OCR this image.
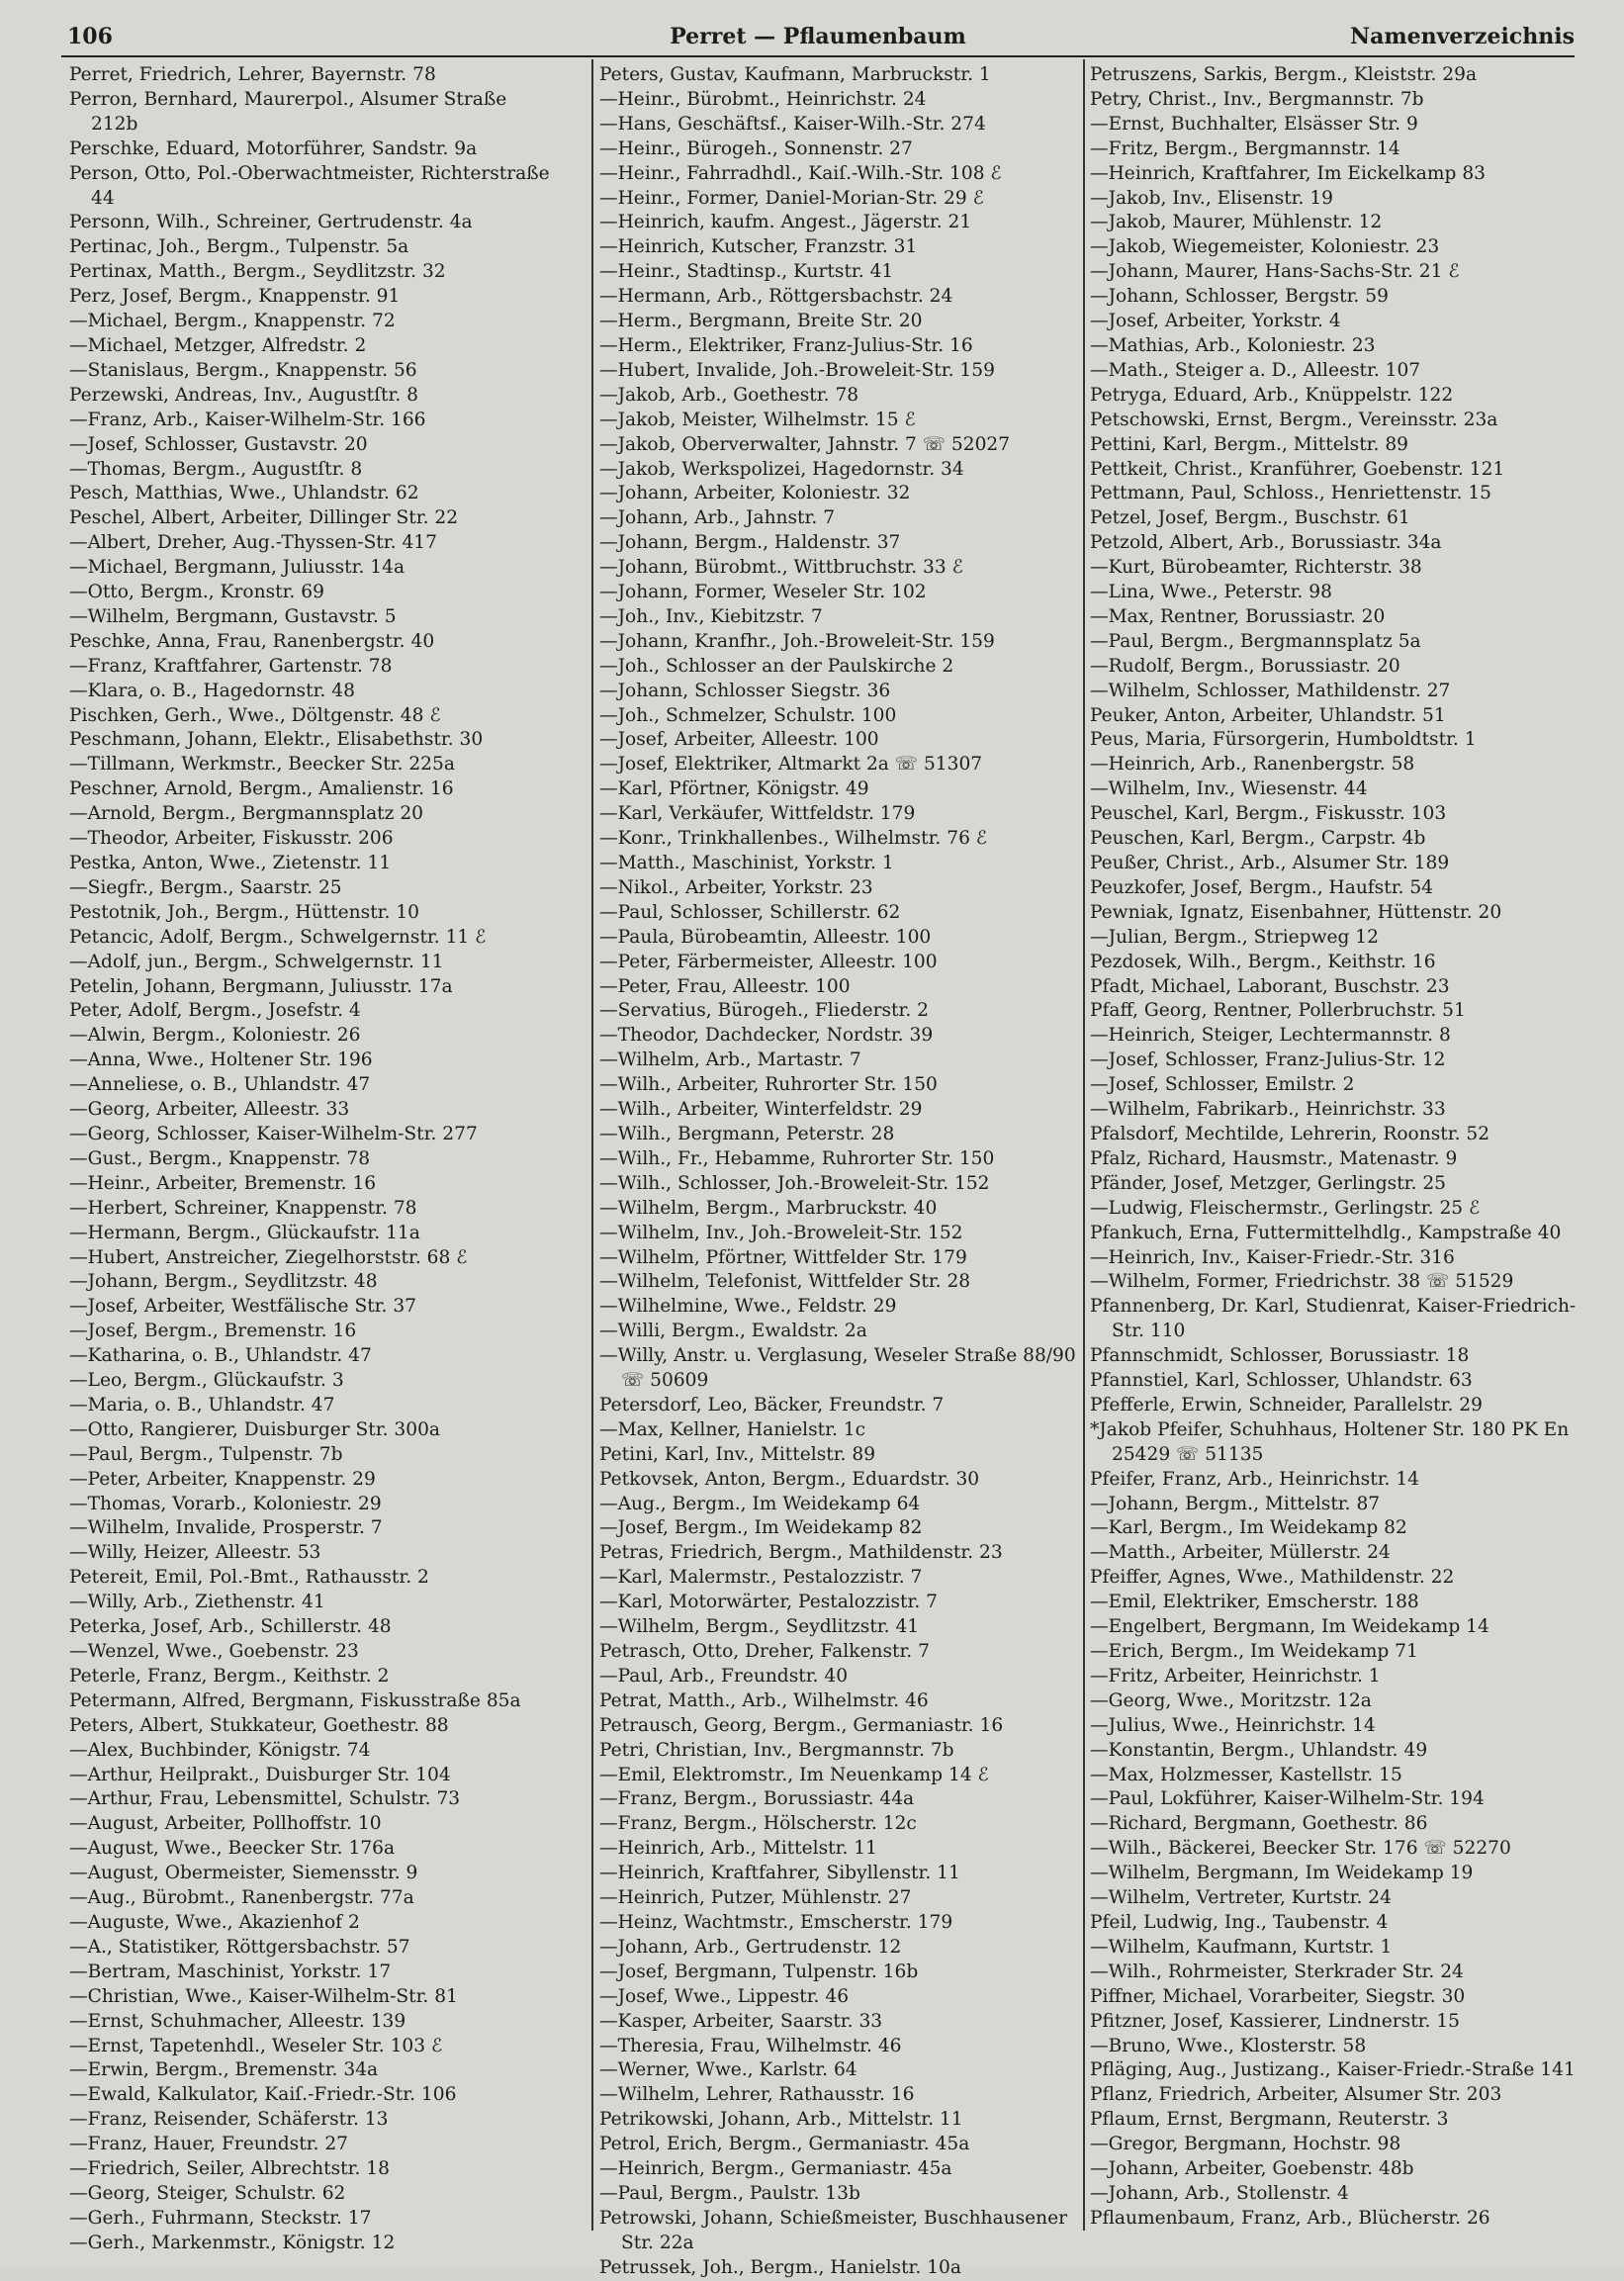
106	Perret — Pflaumenbaum	Namenverzeichnis
Perret, Friedrich, Lehrer, Bayernstr. 78
Perron, Bernhard, Maurerpol., Alsumer Straße 212b
Perschke, Eduard, Motorführer, Sandstr. 9a
Person, Otto, Pol.-Oberwachtmeister, Richterstraße 44
Personn, Wilh., Schreiner, Gertrudenstr. 4a
Pertinac, Joh., Bergm., Tulpenstr. 5a
Pertinax, Matth., Bergm., Seydlitzstr. 32
Perz, Josef, Bergm., Knappenstr. 91
—Michael, Bergm., Knappenstr. 72
—Michael, Metzger, Alfredstr. 2
—Stanislaus, Bergm., Knappenstr. 56
Perzewski, Andreas, Inv., Augustſtr. 8
—Franz, Arb., Kaiser-Wilhelm-Str. 166
—Josef, Schlosser, Gustavstr. 20
—Thomas, Bergm., Augustſtr. 8
Pesch, Matthias, Wwe., Uhlandstr. 62
Peschel, Albert, Arbeiter, Dillinger Str. 22
—Albert, Dreher, Aug.-Thyssen-Str. 417
—Michael, Bergmann, Juliusstr. 14a
—Otto, Bergm., Kronstr. 69
—Wilhelm, Bergmann, Gustavstr. 5
Peschke, Anna, Frau, Ranenbergstr. 40
—Franz, Kraftfahrer, Gartenstr. 78
—Klara, o. B., Hagedornstr. 48
Pischken, Gerh., Wwe., Döltgenstr. 48 ℰ
Peschmann, Johann, Elektr., Elisabethstr. 30
—Tillmann, Werkmstr., Beecker Str. 225a
Peschner, Arnold, Bergm., Amalienstr. 16
—Arnold, Bergm., Bergmannsplatz 20
—Theodor, Arbeiter, Fiskusstr. 206
Pestka, Anton, Wwe., Zietenstr. 11
—Siegfr., Bergm., Saarstr. 25
Pestotnik, Joh., Bergm., Hüttenstr. 10
Petancic, Adolf, Bergm., Schwelgernstr. 11 ℰ
—Adolf, jun., Bergm., Schwelgernstr. 11
Petelin, Johann, Bergmann, Juliusstr. 17a
Peter, Adolf, Bergm., Josefstr. 4
—Alwin, Bergm., Koloniestr. 26
—Anna, Wwe., Holtener Str. 196
—Anneliese, o. B., Uhlandstr. 47
—Georg, Arbeiter, Alleestr. 33
—Georg, Schlosser, Kaiser-Wilhelm-Str. 277
—Gust., Bergm., Knappenstr. 78
—Heinr., Arbeiter, Bremenstr. 16
—Herbert, Schreiner, Knappenstr. 78
—Hermann, Bergm., Glückaufstr. 11a
—Hubert, Anstreicher, Ziegelhorststr. 68 ℰ
—Johann, Bergm., Seydlitzstr. 48
—Josef, Arbeiter, Westfälische Str. 37
—Josef, Bergm., Bremenstr. 16
—Katharina, o. B., Uhlandstr. 47
—Leo, Bergm., Glückaufstr. 3
—Maria, o. B., Uhlandstr. 47
—Otto, Rangierer, Duisburger Str. 300a
—Paul, Bergm., Tulpenstr. 7b
—Peter, Arbeiter, Knappenstr. 29
—Thomas, Vorarb., Koloniestr. 29
—Wilhelm, Invalide, Prosperstr. 7
—Willy, Heizer, Alleestr. 53
Petereit, Emil, Pol.-Bmt., Rathausstr. 2
—Willy, Arb., Ziethenstr. 41
Peterka, Josef, Arb., Schillerstr. 48
—Wenzel, Wwe., Goebenstr. 23
Peterle, Franz, Bergm., Keithstr. 2
Petermann, Alfred, Bergmann, Fiskusstraße 85a
Peters, Albert, Stukkateur, Goethestr. 88
—Alex, Buchbinder, Königstr. 74
—Arthur, Heilprakt., Duisburger Str. 104
—Arthur, Frau, Lebensmittel, Schulstr. 73
—August, Arbeiter, Pollhoffstr. 10
—August, Wwe., Beecker Str. 176a
—August, Obermeister, Siemensstr. 9
—Aug., Bürobmt., Ranenbergstr. 77a
—Auguste, Wwe., Akazienhof 2
—A., Statistiker, Röttgersbachstr. 57
—Bertram, Maschinist, Yorkstr. 17
—Christian, Wwe., Kaiser-Wilhelm-Str. 81
—Ernst, Schuhmacher, Alleestr. 139
—Ernst, Tapetenhdl., Weseler Str. 103 ℰ
—Erwin, Bergm., Bremenstr. 34a
—Ewald, Kalkulator, Kaiſ.-Friedr.-Str. 106
—Franz, Reisender, Schäferstr. 13
—Franz, Hauer, Freundstr. 27
—Friedrich, Seiler, Albrechtstr. 18
—Georg, Steiger, Schulstr. 62
—Gerh., Fuhrmann, Steckstr. 17
—Gerh., Markenmstr., Königstr. 12
Peters, Gustav, Kaufmann, Marbruckstr. 1
—Heinr., Bürobmt., Heinrichstr. 24
—Hans, Geschäftsf., Kaiser-Wilh.-Str. 274
—Heinr., Bürogeh., Sonnenstr. 27
—Heinr., Fahrradhdl., Kaiſ.-Wilh.-Str. 108 ℰ
—Heinr., Former, Daniel-Morian-Str. 29 ℰ
—Heinrich, kaufm. Angest., Jägerstr. 21
—Heinrich, Kutscher, Franzstr. 31
—Heinr., Stadtinsp., Kurtstr. 41
—Hermann, Arb., Röttgersbachstr. 24
—Herm., Bergmann, Breite Str. 20
—Herm., Elektriker, Franz-Julius-Str. 16
—Hubert, Invalide, Joh.-Broweleit-Str. 159
—Jakob, Arb., Goethestr. 78
—Jakob, Meister, Wilhelmstr. 15 ℰ
—Jakob, Oberverwalter, Jahnstr. 7 ☏ 52027
—Jakob, Werkspolizei, Hagedornstr. 34
—Johann, Arbeiter, Koloniestr. 32
—Johann, Arb., Jahnstr. 7
—Johann, Bergm., Haldenstr. 37
—Johann, Bürobmt., Wittbruchstr. 33 ℰ
—Johann, Former, Weseler Str. 102
—Joh., Inv., Kiebitzstr. 7
—Johann, Kranfhr., Joh.-Broweleit-Str. 159
—Joh., Schlosser an der Paulskirche 2
—Johann, Schlosser Siegstr. 36
—Joh., Schmelzer, Schulstr. 100
—Josef, Arbeiter, Alleestr. 100
—Josef, Elektriker, Altmarkt 2a ☏ 51307
—Karl, Pförtner, Königstr. 49
—Karl, Verkäufer, Wittfeldstr. 179
—Konr., Trinkhallenbes., Wilhelmstr. 76 ℰ
—Matth., Maschinist, Yorkstr. 1
—Nikol., Arbeiter, Yorkstr. 23
—Paul, Schlosser, Schillerstr. 62
—Paula, Bürobeamtin, Alleestr. 100
—Peter, Färbermeister, Alleestr. 100
—Peter, Frau, Alleestr. 100
—Servatius, Bürogeh., Fliederstr. 2
—Theodor, Dachdecker, Nordstr. 39
—Wilhelm, Arb., Martastr. 7
—Wilh., Arbeiter, Ruhrorter Str. 150
—Wilh., Arbeiter, Winterfeldstr. 29
—Wilh., Bergmann, Peterstr. 28
—Wilh., Fr., Hebamme, Ruhrorter Str. 150
—Wilh., Schlosser, Joh.-Broweleit-Str. 152
—Wilhelm, Bergm., Marbruckstr. 40
—Wilhelm, Inv., Joh.-Broweleit-Str. 152
—Wilhelm, Pförtner, Wittfelder Str. 179
—Wilhelm, Telefonist, Wittfelder Str. 28
—Wilhelmine, Wwe., Feldstr. 29
—Willi, Bergm., Ewaldstr. 2a
—Willy, Anstr. u. Verglasung, Weseler Straße 88/90 ☏ 50609
Petersdorf, Leo, Bäcker, Freundstr. 7
—Max, Kellner, Hanielstr. 1c
Petini, Karl, Inv., Mittelstr. 89
Petkovsek, Anton, Bergm., Eduardstr. 30
—Aug., Bergm., Im Weidekamp 64
—Josef, Bergm., Im Weidekamp 82
Petras, Friedrich, Bergm., Mathildenstr. 23
—Karl, Malermstr., Pestalozzistr. 7
—Karl, Motorwärter, Pestalozzistr. 7
—Wilhelm, Bergm., Seydlitzstr. 41
Petrasch, Otto, Dreher, Falkenstr. 7
—Paul, Arb., Freundstr. 40
Petrat, Matth., Arb., Wilhelmstr. 46
Petrausch, Georg, Bergm., Germaniastr. 16
Petri, Christian, Inv., Bergmannstr. 7b
—Emil, Elektromstr., Im Neuenkamp 14 ℰ
—Franz, Bergm., Borussiastr. 44a
—Franz, Bergm., Hölscherstr. 12c
—Heinrich, Arb., Mittelstr. 11
—Heinrich, Kraftfahrer, Sibyllenstr. 11
—Heinrich, Putzer, Mühlenstr. 27
—Heinz, Wachtmstr., Emscherstr. 179
—Johann, Arb., Gertrudenstr. 12
—Josef, Bergmann, Tulpenstr. 16b
—Josef, Wwe., Lippestr. 46
—Kasper, Arbeiter, Saarstr. 33
—Theresia, Frau, Wilhelmstr. 46
—Werner, Wwe., Karlstr. 64
—Wilhelm, Lehrer, Rathausstr. 16
Petrikowski, Johann, Arb., Mittelstr. 11
Petrol, Erich, Bergm., Germaniastr. 45a
—Heinrich, Bergm., Germaniastr. 45a
—Paul, Bergm., Paulstr. 13b
Petrowski, Johann, Schießmeister, Buschhausener Str. 22a
Petrussek, Joh., Bergm., Hanielstr. 10a
Petruszens, Sarkis, Bergm., Kleiststr. 29a
Petry, Christ., Inv., Bergmannstr. 7b
—Ernst, Buchhalter, Elsässer Str. 9
—Fritz, Bergm., Bergmannstr. 14
—Heinrich, Kraftfahrer, Im Eickelkamp 83
—Jakob, Inv., Elisenstr. 19
—Jakob, Maurer, Mühlenstr. 12
—Jakob, Wiegemeister, Koloniestr. 23
—Johann, Maurer, Hans-Sachs-Str. 21 ℰ
—Johann, Schlosser, Bergstr. 59
—Josef, Arbeiter, Yorkstr. 4
—Mathias, Arb., Koloniestr. 23
—Math., Steiger a. D., Alleestr. 107
Petryga, Eduard, Arb., Knüppelstr. 122
Petschowski, Ernst, Bergm., Vereinsstr. 23a
Pettini, Karl, Bergm., Mittelstr. 89
Pettkeit, Christ., Kranführer, Goebenstr. 121
Pettmann, Paul, Schloss., Henriettenstr. 15
Petzel, Josef, Bergm., Buschstr. 61
Petzold, Albert, Arb., Borussiastr. 34a
—Kurt, Bürobeamter, Richterstr. 38
—Lina, Wwe., Peterstr. 98
—Max, Rentner, Borussiastr. 20
—Paul, Bergm., Bergmannsplatz 5a
—Rudolf, Bergm., Borussiastr. 20
—Wilhelm, Schlosser, Mathildenstr. 27
Peuker, Anton, Arbeiter, Uhlandstr. 51
Peus, Maria, Fürsorgerin, Humboldtstr. 1
—Heinrich, Arb., Ranenbergstr. 58
—Wilhelm, Inv., Wiesenstr. 44
Peuschel, Karl, Bergm., Fiskusstr. 103
Peuschen, Karl, Bergm., Carpstr. 4b
Peußer, Christ., Arb., Alsumer Str. 189
Peuzkofer, Josef, Bergm., Haufstr. 54
Pewniak, Ignatz, Eisenbahner, Hüttenstr. 20
—Julian, Bergm., Striepweg 12
Pezdosek, Wilh., Bergm., Keithstr. 16
Pfadt, Michael, Laborant, Buschstr. 23
Pfaff, Georg, Rentner, Pollerbruchstr. 51
—Heinrich, Steiger, Lechtermannstr. 8
—Josef, Schlosser, Franz-Julius-Str. 12
—Josef, Schlosser, Emilstr. 2
—Wilhelm, Fabrikarb., Heinrichstr. 33
Pfalsdorf, Mechtilde, Lehrerin, Roonstr. 52
Pfalz, Richard, Hausmstr., Matenastr. 9
Pfänder, Josef, Metzger, Gerlingstr. 25
—Ludwig, Fleischermstr., Gerlingstr. 25 ℰ
Pfankuch, Erna, Futtermittelhdlg., Kampstraße 40
—Heinrich, Inv., Kaiser-Friedr.-Str. 316
—Wilhelm, Former, Friedrichstr. 38 ☏ 51529
Pfannenberg, Dr. Karl, Studienrat, Kaiser-Friedrich-Str. 110
Pfannschmidt, Schlosser, Borussiastr. 18
Pfannstiel, Karl, Schlosser, Uhlandstr. 63
Pfefferle, Erwin, Schneider, Parallelstr. 29
*Jakob Pfeifer, Schuhhaus, Holtener Str. 180 PK En 25429 ☏ 51135
Pfeifer, Franz, Arb., Heinrichstr. 14
—Johann, Bergm., Mittelstr. 87
—Karl, Bergm., Im Weidekamp 82
—Matth., Arbeiter, Müllerstr. 24
Pfeiffer, Agnes, Wwe., Mathildenstr. 22
—Emil, Elektriker, Emscherstr. 188
—Engelbert, Bergmann, Im Weidekamp 14
—Erich, Bergm., Im Weidekamp 71
—Fritz, Arbeiter, Heinrichstr. 1
—Georg, Wwe., Moritzstr. 12a
—Julius, Wwe., Heinrichstr. 14
—Konstantin, Bergm., Uhlandstr. 49
—Max, Holzmesser, Kastellstr. 15
—Paul, Lokführer, Kaiser-Wilhelm-Str. 194
—Richard, Bergmann, Goethestr. 86
—Wilh., Bäckerei, Beecker Str. 176 ☏ 52270
—Wilhelm, Bergmann, Im Weidekamp 19
—Wilhelm, Vertreter, Kurtstr. 24
Pfeil, Ludwig, Ing., Taubenstr. 4
—Wilhelm, Kaufmann, Kurtstr. 1
—Wilh., Rohrmeister, Sterkrader Str. 24
Piffner, Michael, Vorarbeiter, Siegstr. 30
Pfitzner, Josef, Kassierer, Lindnerstr. 15
—Bruno, Wwe., Klosterstr. 58
Pfläging, Aug., Justizang., Kaiser-Friedr.-Straße 141
Pflanz, Friedrich, Arbeiter, Alsumer Str. 203
Pflaum, Ernst, Bergmann, Reuterstr. 3
—Gregor, Bergmann, Hochstr. 98
—Johann, Arbeiter, Goebenstr. 48b
—Johann, Arb., Stollenstr. 4
Pflaumenbaum, Franz, Arb., Blücherstr. 26
